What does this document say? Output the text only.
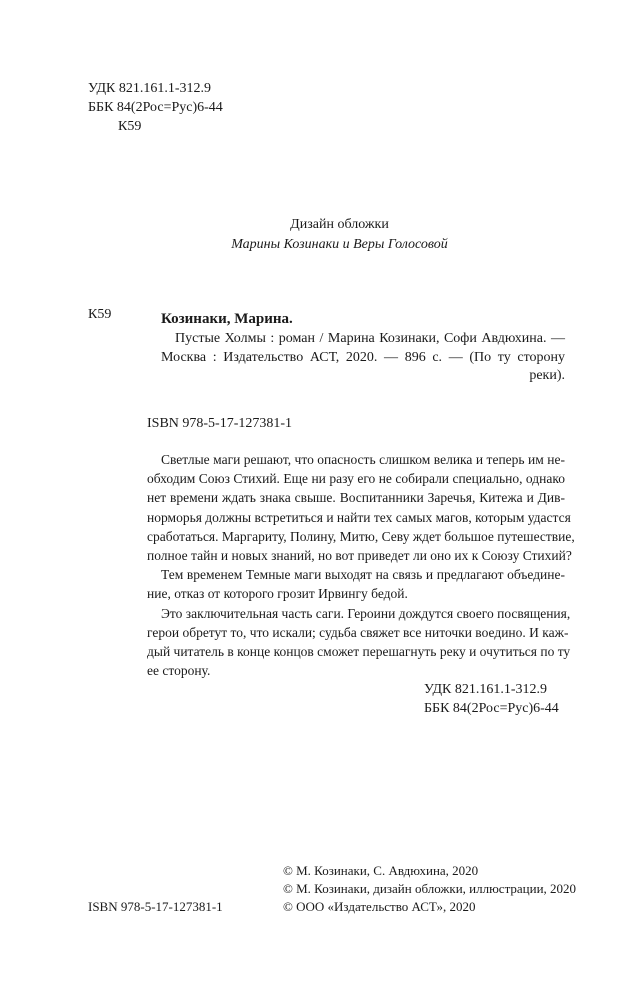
УДК 821.161.1-312.9
ББК 84(2Рос=Рус)6-44
К59
Дизайн обложки
Марины Козинаки и Веры Голосовой
К59	Козинаки, Марина.
Пустые Холмы : роман / Марина Козинаки, Софи Авдюхина. —
Москва : Издательство АСТ, 2020. — 896 с. — (По ту сторону
реки).
ISBN 978-5-17-127381-1
Светлые маги решают, что опасность слишком велика и теперь им не-
обходим Союз Стихий. Еще ни разу его не собирали специально, однако
нет времени ждать знака свыше. Воспитанники Заречья, Китежа и Див-
норморья должны встретиться и найти тех самых магов, которым удастся
сработаться. Маргариту, Полину, Митю, Севу ждет большое путешествие,
полное тайн и новых знаний, но вот приведет ли оно их к Союзу Стихий?
Тем временем Темные маги выходят на связь и предлагают объедине-
ние, отказ от которого грозит Ирвингу бедой.
Это заключительная часть саги. Героини дождутся своего посвящения,
герои обретут то, что искали; судьба свяжет все ниточки воедино. И каж-
дый читатель в конце концов сможет перешагнуть реку и очутиться по ту
ее сторону.
УДК 821.161.1-312.9
ББК 84(2Рос=Рус)6-44
© М. Козинаки, С. Авдюхина, 2020
© М. Козинаки, дизайн обложки, иллюстрации, 2020
© ООО «Издательство АСТ», 2020
ISBN 978-5-17-127381-1
